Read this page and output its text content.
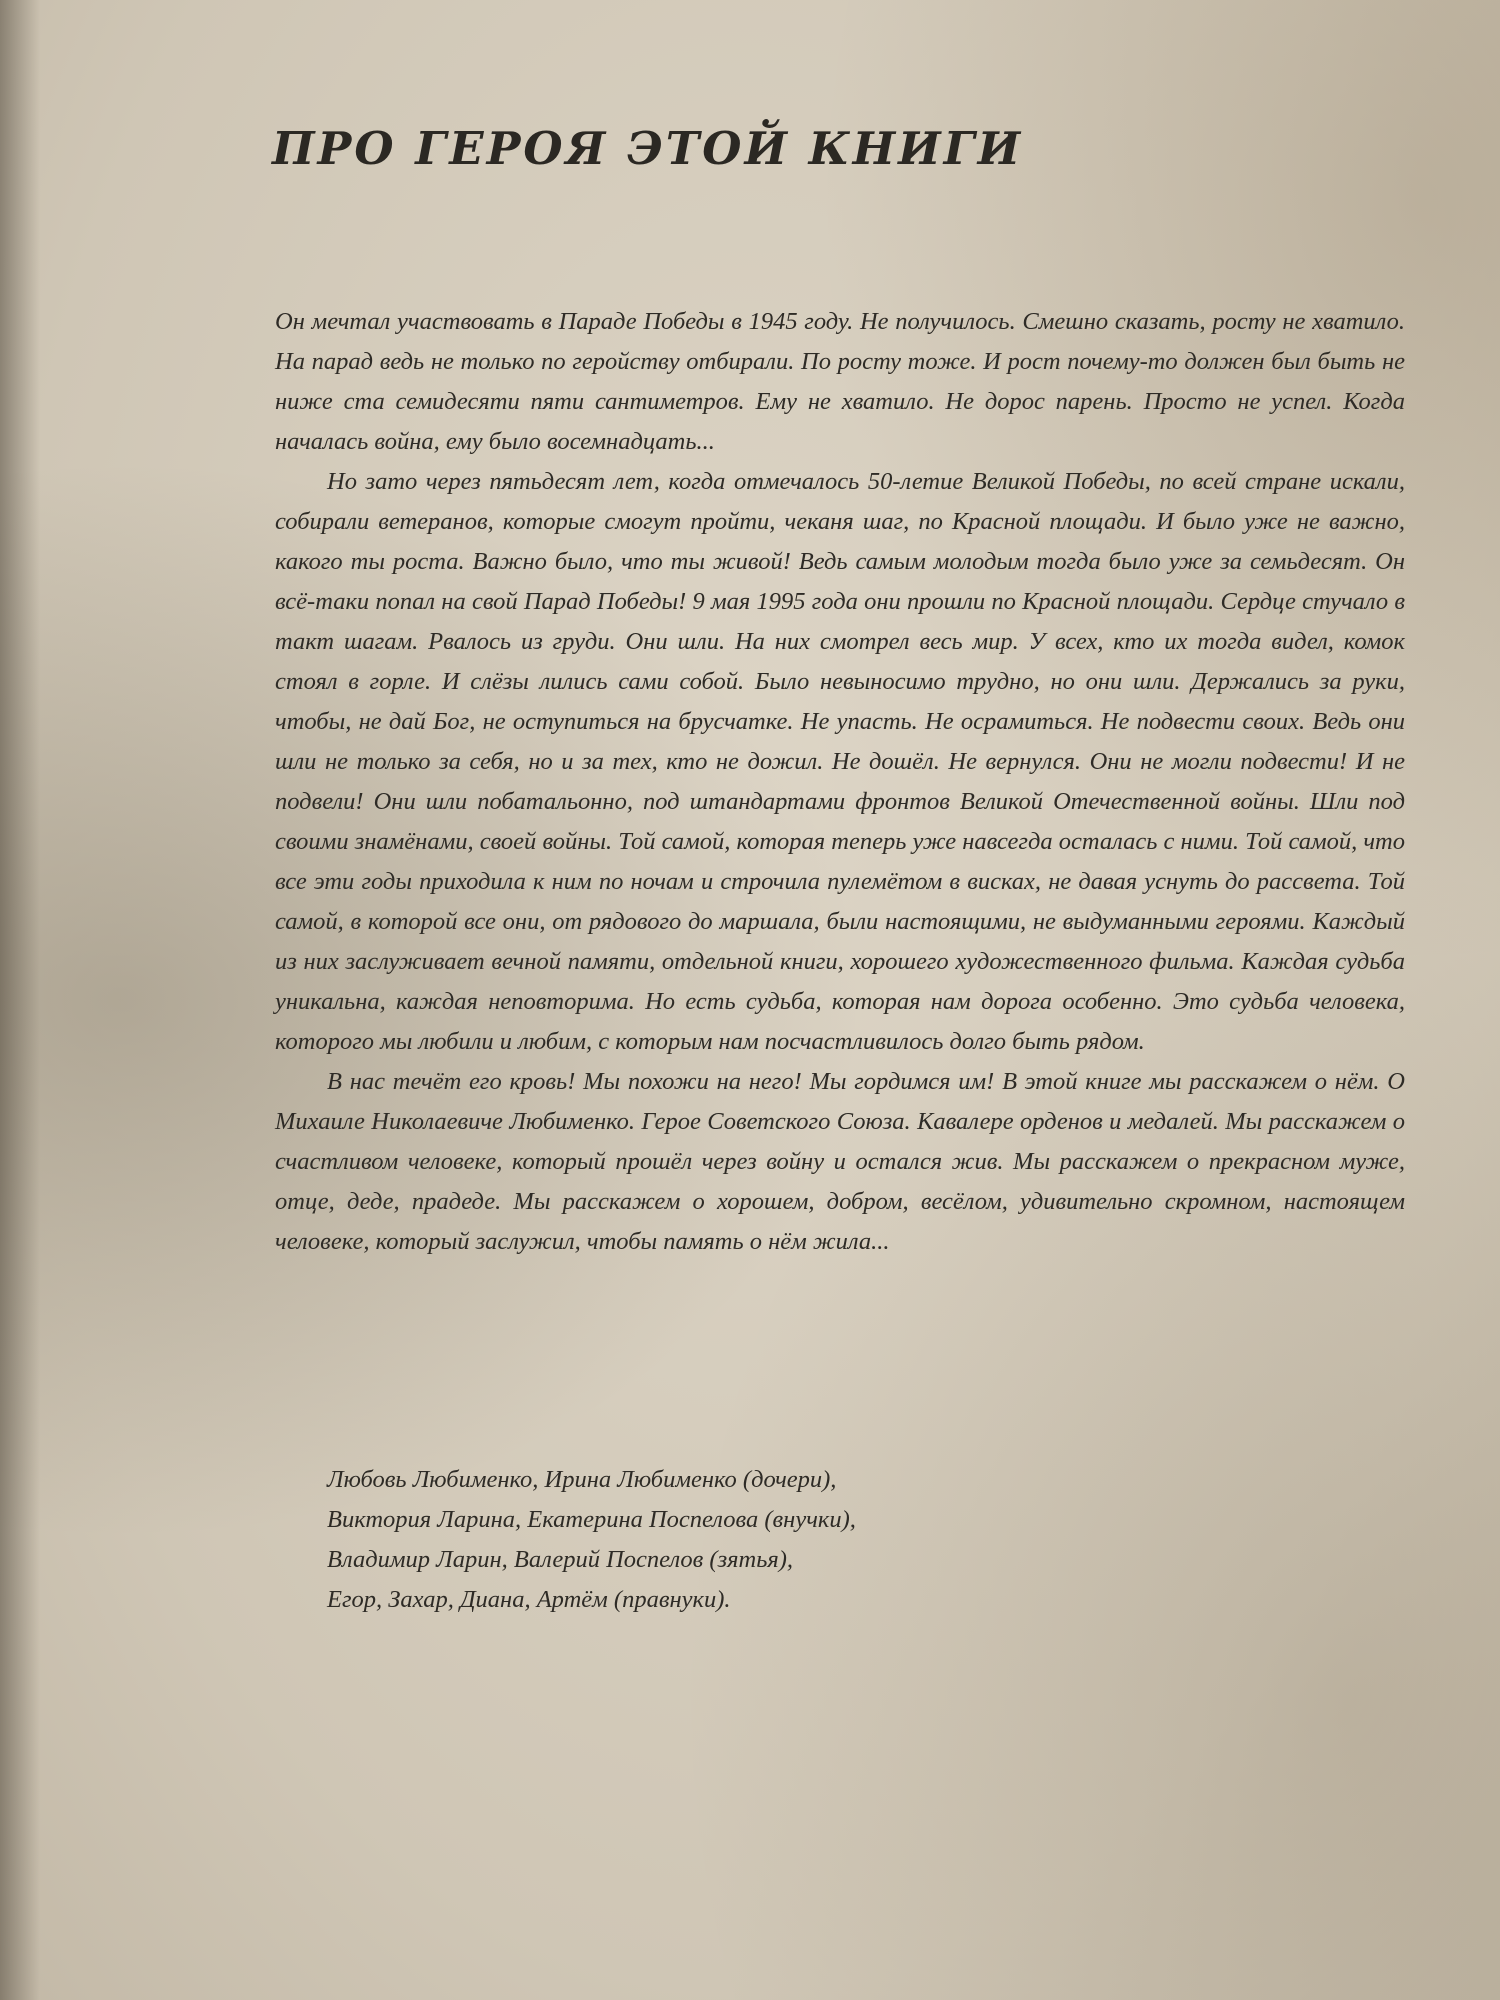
ПРО ГЕРОЯ ЭТОЙ КНИГИ

Он мечтал участвовать в Параде Победы в 1945 году. Не получилось. Смешно сказать, росту не хватило. На парад ведь не только по геройству отбирали. По росту тоже. И рост почему-то должен был быть не ниже ста семидесяти пяти сантиметров. Ему не хватило. Не дорос парень. Просто не успел. Когда началась война, ему было восемнадцать...

Но зато через пятьдесят лет, когда отмечалось 50-летие Великой Победы, по всей стране искали, собирали ветеранов, которые смогут пройти, чеканя шаг, по Красной площади. И было уже не важно, какого ты роста. Важно было, что ты живой! Ведь самым молодым тогда было уже за семьдесят. Он всё-таки попал на свой Парад Победы! 9 мая 1995 года они прошли по Красной площади. Сердце стучало в такт шагам. Рвалось из груди. Они шли. На них смотрел весь мир. У всех, кто их тогда видел, комок стоял в горле. И слёзы лились сами собой. Было невыносимо трудно, но они шли. Держались за руки, чтобы, не дай Бог, не оступиться на брусчатке. Не упасть. Не осрамиться. Не подвести своих. Ведь они шли не только за себя, но и за тех, кто не дожил. Не дошёл. Не вернулся. Они не могли подвести! И не подвели! Они шли побатальонно, под штандартами фронтов Великой Отечественной войны. Шли под своими знамёнами, своей войны. Той самой, которая теперь уже навсегда осталась с ними. Той самой, что все эти годы приходила к ним по ночам и строчила пулемётом в висках, не давая уснуть до рассвета. Той самой, в которой все они, от рядового до маршала, были настоящими, не выдуманными героями. Каждый из них заслуживает вечной памяти, отдельной книги, хорошего художественного фильма. Каждая судьба уникальна, каждая неповторима. Но есть судьба, которая нам дорога особенно. Это судьба человека, которого мы любили и любим, с которым нам посчастливилось долго быть рядом.

В нас течёт его кровь! Мы похожи на него! Мы гордимся им! В этой книге мы расскажем о нём. О Михаиле Николаевиче Любименко. Герое Советского Союза. Кавалере орденов и медалей. Мы расскажем о счастливом человеке, который прошёл через войну и остался жив. Мы расскажем о прекрасном муже, отце, деде, прадеде. Мы расскажем о хорошем, добром, весёлом, удивительно скромном, настоящем человеке, который заслужил, чтобы память о нём жила...

Любовь Любименко, Ирина Любименко (дочери),
Виктория Ларина, Екатерина Поспелова (внучки),
Владимир Ларин, Валерий Поспелов (зятья),
Егор, Захар, Диана, Артём (правнуки).
